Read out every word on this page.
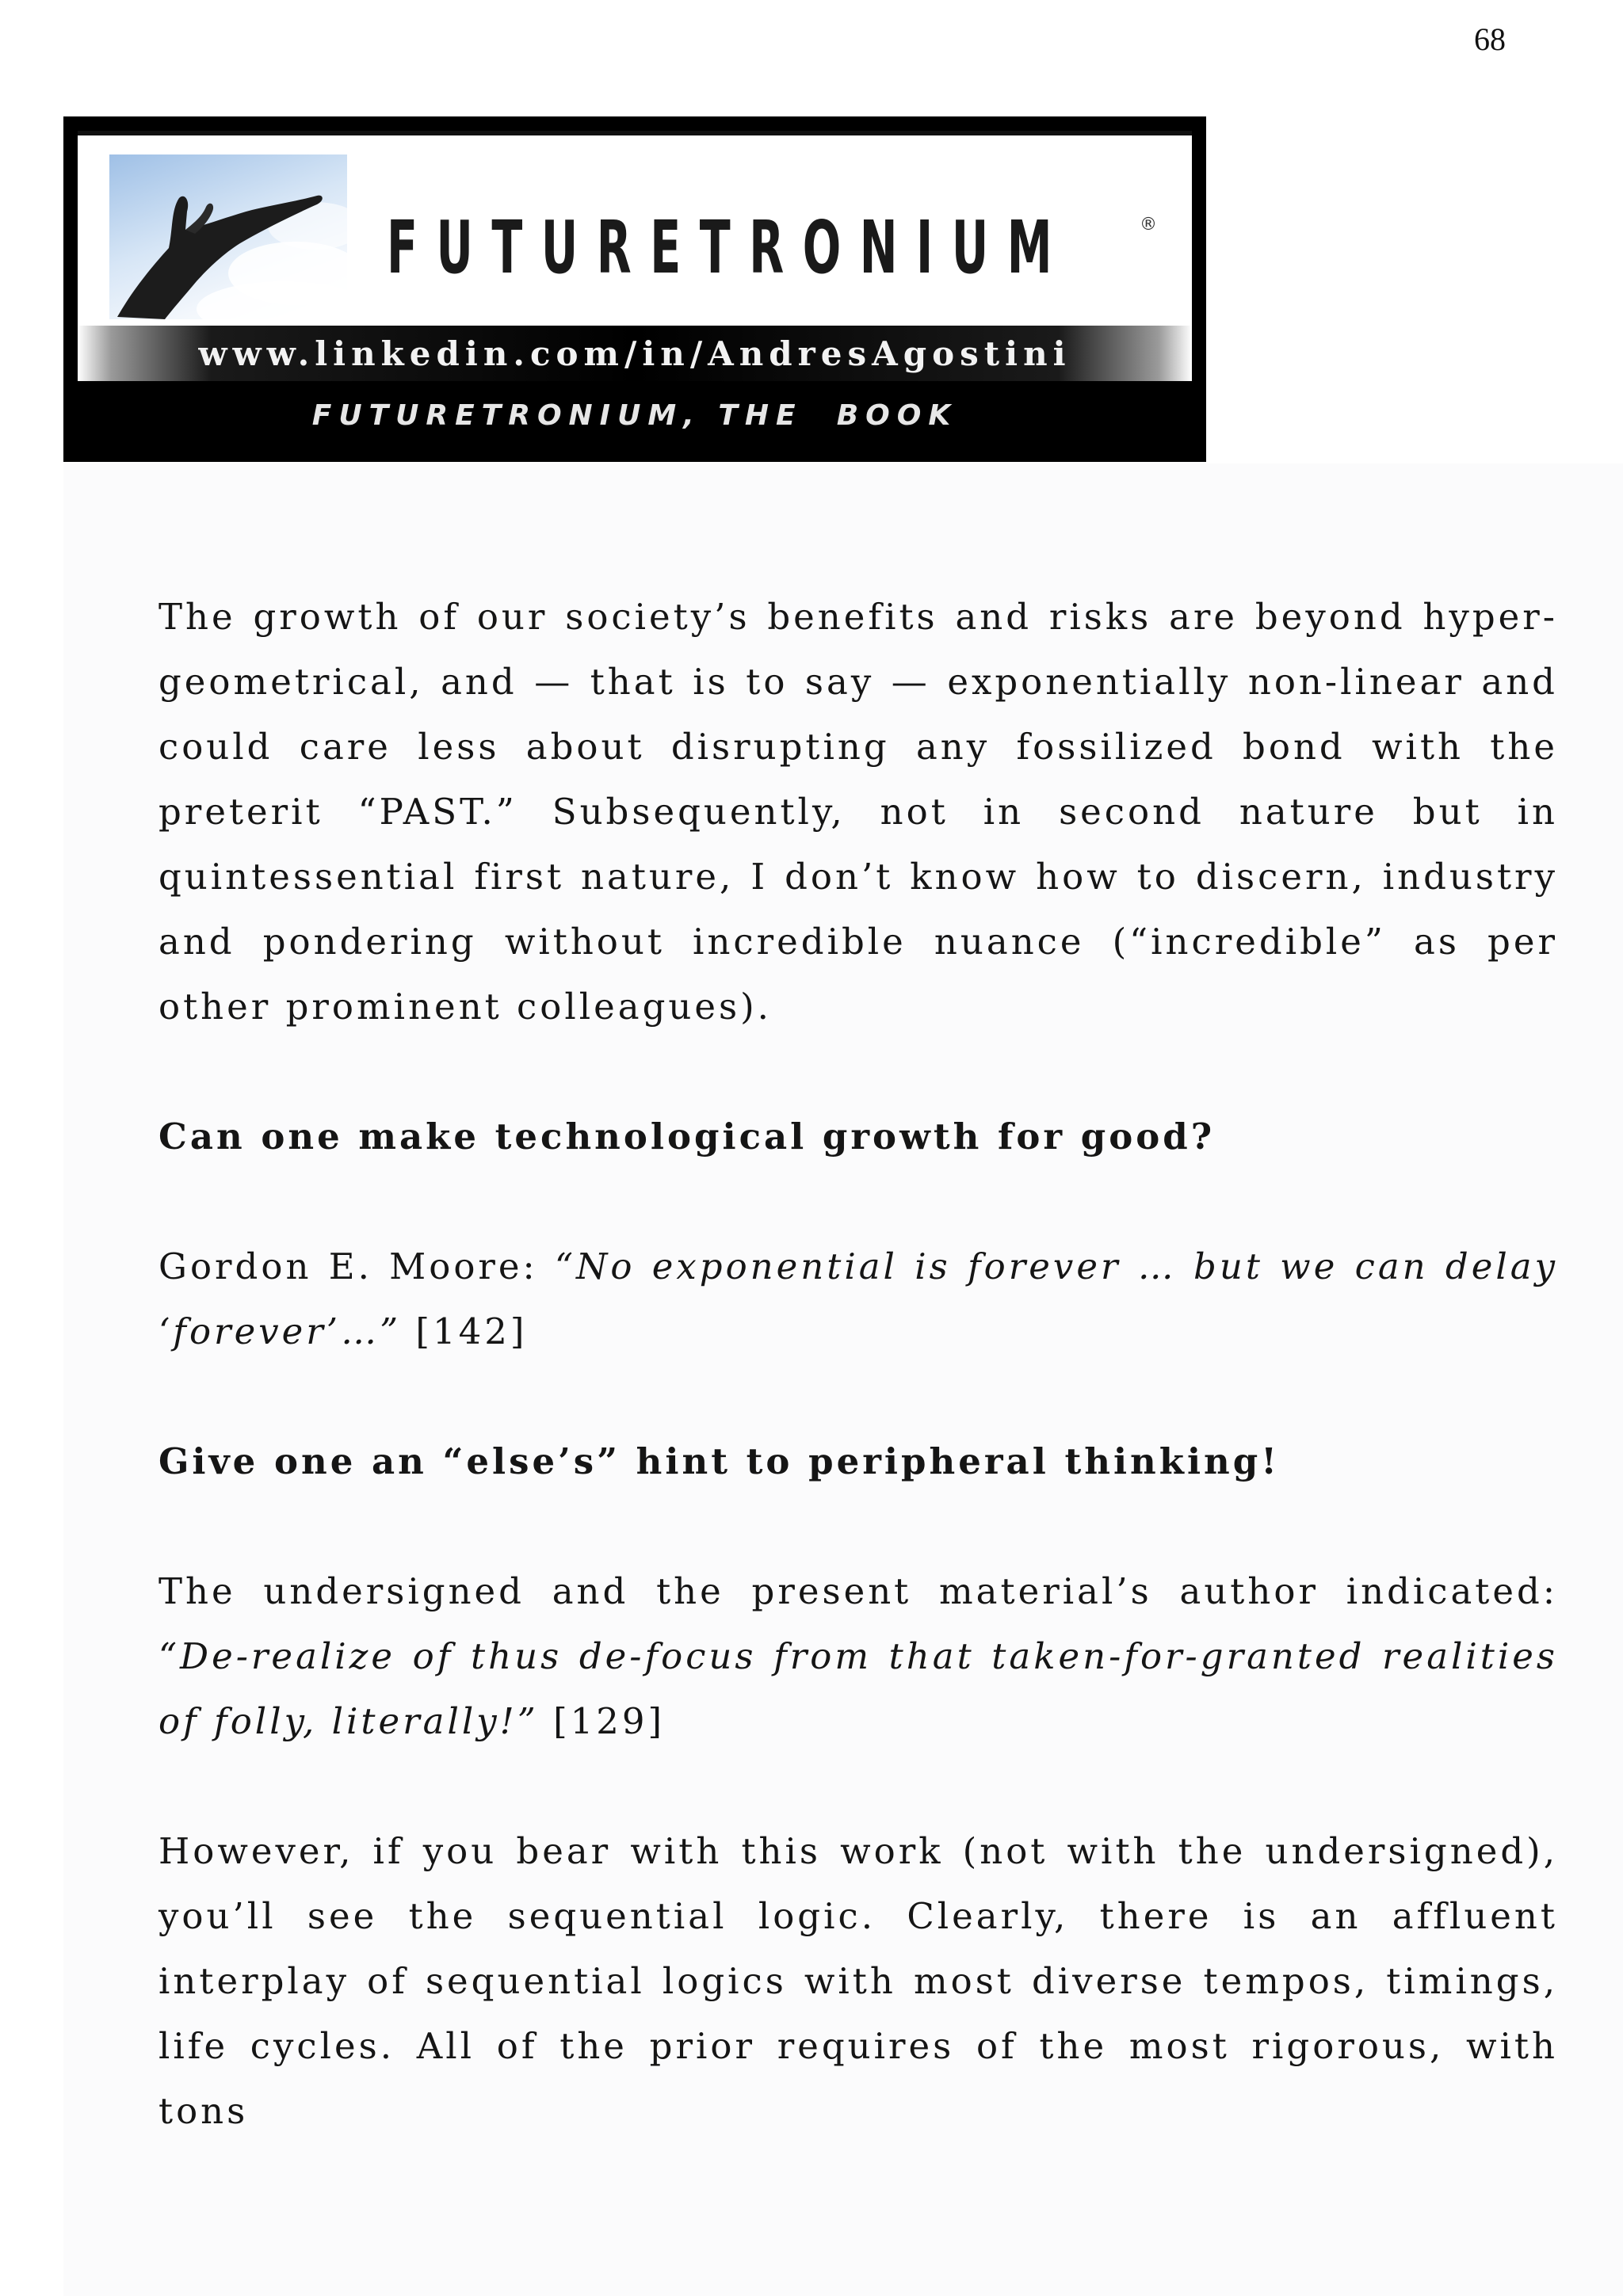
68
FUTURETRONIUM	®
www.linkedin.com/in/AndresAgostini
FUTURETRONIUM, THE  BOOK

The growth of our society’s benefits and risks are beyond hyper-geometrical, and — that is to say — exponentially non-linear and could care less about disrupting any fossilized bond with the preterit “PAST.” Subsequently, not in second nature but in quintessential first nature, I don’t know how to discern, industry and pondering without incredible nuance (“incredible” as per other prominent colleagues).

Can one make technological growth for good?

Gordon E. Moore: “No exponential is forever … but we can delay ‘forever’…” [142]

Give one an “else’s” hint to peripheral thinking!

The undersigned and the present material’s author indicated: “De-realize of thus de-focus from that taken-for-granted realities of folly, literally!” [129]

However, if you bear with this work (not with the undersigned), you’ll see the sequential logic. Clearly, there is an affluent interplay of sequential logics with most diverse tempos, timings, life cycles. All of the prior requires of the most rigorous, with tons
